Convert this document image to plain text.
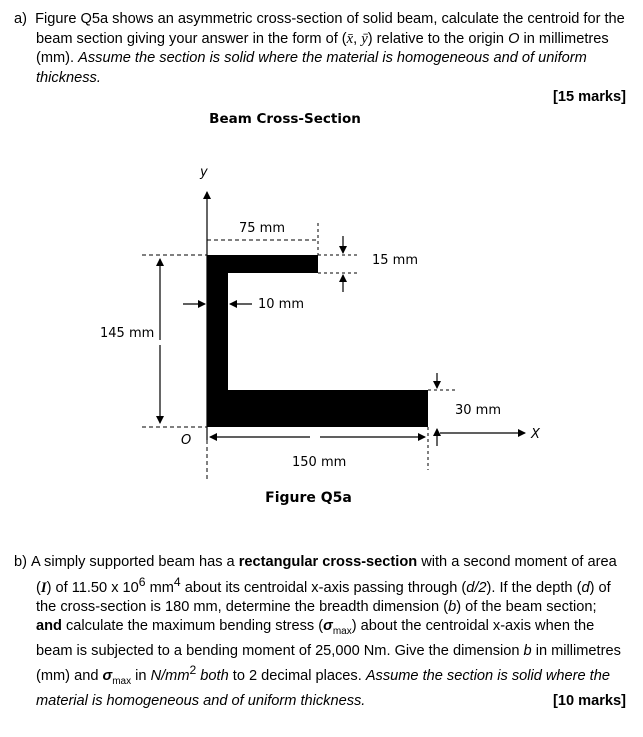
a) Figure Q5a shows an asymmetric cross-section of solid beam, calculate the centroid for the beam section giving your answer in the form of (x̄, ȳ) relative to the origin O in millimetres (mm). Assume the section is solid where the material is homogeneous and of uniform thickness.

[15 marks]
Beam Cross-Section
y
X
O
75 mm
15 mm
10 mm
145 mm
30 mm
150 mm
Figure Q5a

b) A simply supported beam has a rectangular cross-section with a second moment of area (I) of 11.50 x $10^6$ $mm^4$ about its centroidal x-axis passing through (d/2). If the depth (d) of the cross-section is 180 mm, determine the breadth dimension (b) of the beam section; and calculate the maximum bending stress $(\sigma_{max})$ about the centroidal x-axis when the beam is subjected to a bending moment of 25,000 Nm. Give the dimension b in millimetres (mm) and $\sigma_{max}$ in $N/mm^2$ both to 2 decimal places. Assume the section is solid where the material is homogeneous and of uniform thickness.	[10 marks]
